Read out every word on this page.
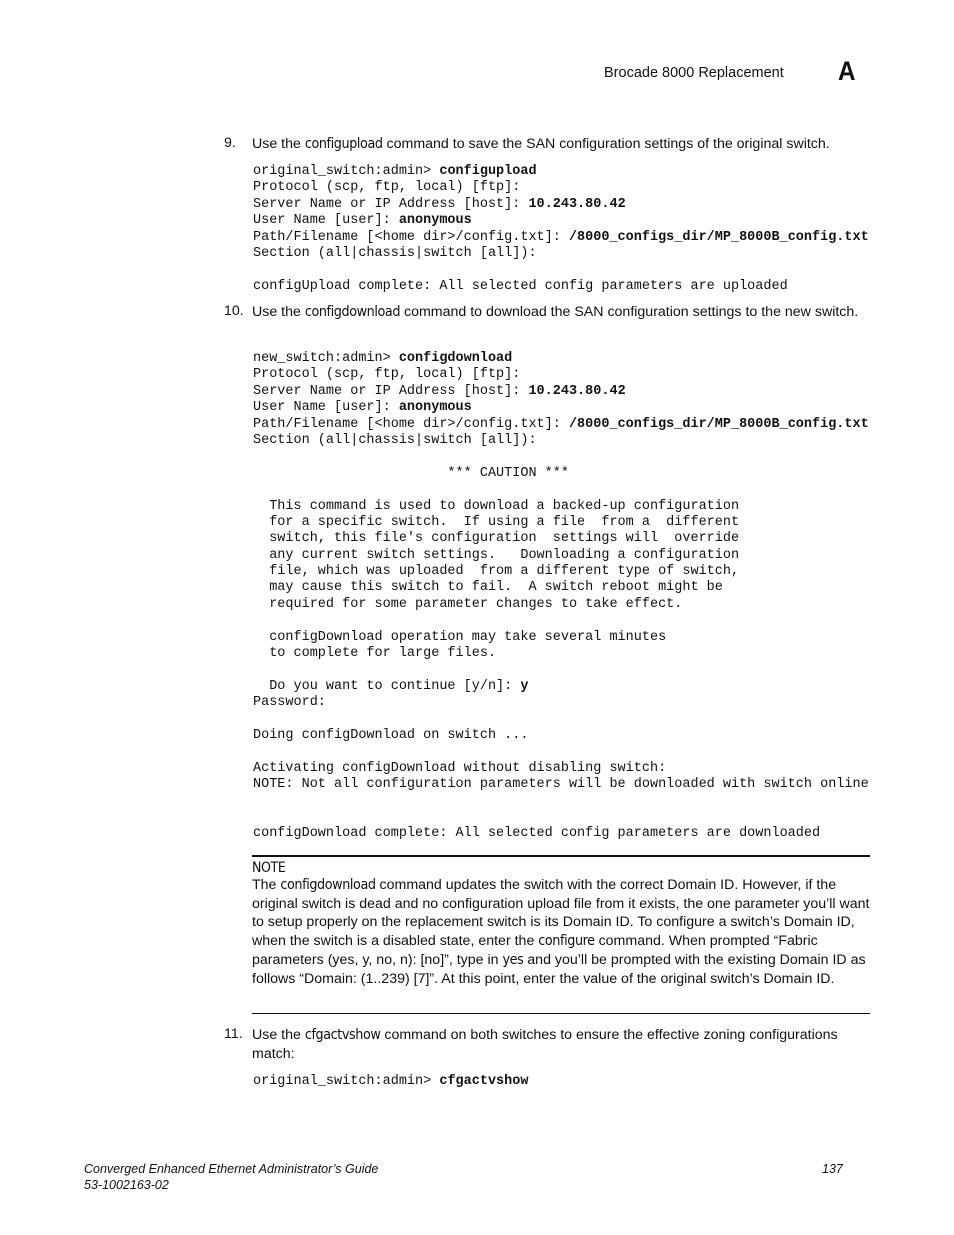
Brocade 8000 Replacement A
9. Use the configupload command to save the SAN configuration settings of the original switch.
original_switch:admin> configupload
Protocol (scp, ftp, local) [ftp]:
Server Name or IP Address [host]: 10.243.80.42
User Name [user]: anonymous
Path/Filename [<home dir>/config.txt]: /8000_configs_dir/MP_8000B_config.txt
Section (all|chassis|switch [all]):
configUpload complete: All selected config parameters are uploaded
10. Use the configdownload command to download the SAN configuration settings to the new switch.
new_switch:admin> configdownload
Protocol (scp, ftp, local) [ftp]:
Server Name or IP Address [host]: 10.243.80.42
User Name [user]: anonymous
Path/Filename [<home dir>/config.txt]: /8000_configs_dir/MP_8000B_config.txt
Section (all|chassis|switch [all]):
*** CAUTION ***
This command is used to download a backed-up configuration
for a specific switch.  If using a file  from a  different
switch, this file's configuration  settings will  override
any current switch settings.   Downloading a configuration
file, which was uploaded  from a different type of switch,
may cause this switch to fail.  A switch reboot might be
required for some parameter changes to take effect.
configDownload operation may take several minutes
to complete for large files.
Do you want to continue [y/n]: y
Password:
Doing configDownload on switch ...
Activating configDownload without disabling switch:
NOTE: Not all configuration parameters will be downloaded with switch online
configDownload complete: All selected config parameters are downloaded
NOTE
The configdownload command updates the switch with the correct Domain ID. However, if the original switch is dead and no configuration upload file from it exists, the one parameter you’ll want to setup properly on the replacement switch is its Domain ID. To configure a switch’s Domain ID, when the switch is a disabled state, enter the configure command. When prompted “Fabric parameters (yes, y, no, n): [no]”, type in yes and you’ll be prompted with the existing Domain ID as follows “Domain: (1..239) [7]”. At this point, enter the value of the original switch’s Domain ID.
11. Use the cfgactvshow command on both switches to ensure the effective zoning configurations match:
original_switch:admin> cfgactvshow
Converged Enhanced Ethernet Administrator’s Guide
53-1002163-02
137
